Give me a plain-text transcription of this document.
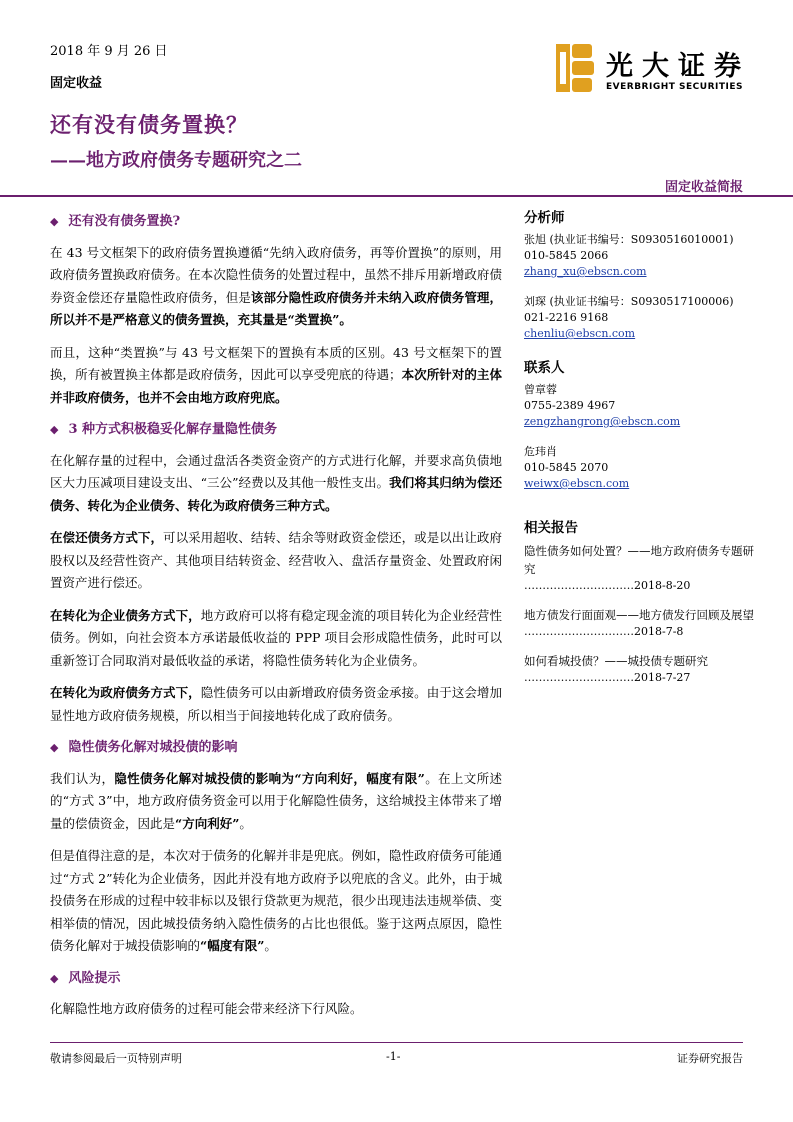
2018 年 9 月 26 日
固定收益
还有没有债务置换？
——地方政府债务专题研究之二
光大证券
EVERBRIGHT SECURITIES
固定收益简报
◆ 还有没有债务置换?

在 43 号文框架下的政府债务置换遵循“先纳入政府债务，再等价置换”的原则，用政府债务置换政府债务。在本次隐性债务的处置过程中，虽然不排斥用新增政府债券资金偿还存量隐性政府债务，但是该部分隐性政府债务并未纳入政府债务管理，所以并不是严格意义的债务置换，充其量是“类置换”。

而且，这种“类置换”与 43 号文框架下的置换有本质的区别。43 号文框架下的置换，所有被置换主体都是政府债务，因此可以享受兜底的待遇；本次所针对的主体并非政府债务，也并不会由地方政府兜底。

◆ 3 种方式积极稳妥化解存量隐性债务

在化解存量的过程中，会通过盘活各类资金资产的方式进行化解，并要求高负债地区大力压减项目建设支出、“三公”经费以及其他一般性支出。我们将其归纳为偿还债务、转化为企业债务、转化为政府债务三种方式。

在偿还债务方式下，可以采用超收、结转、结余等财政资金偿还，或是以出让政府股权以及经营性资产、其他项目结转资金、经营收入、盘活存量资金、处置政府闲置资产进行偿还。

在转化为企业债务方式下，地方政府可以将有稳定现金流的项目转化为企业经营性债务。例如，向社会资本方承诺最低收益的 PPP 项目会形成隐性债务，此时可以重新签订合同取消对最低收益的承诺，将隐性债务转化为企业债务。

在转化为政府债务方式下，隐性债务可以由新增政府债务资金承接。由于这会增加显性地方政府债务规模，所以相当于间接地转化成了政府债务。

◆ 隐性债务化解对城投债的影响

我们认为，隐性债务化解对城投债的影响为“方向利好，幅度有限”。在上文所述的“方式 3”中，地方政府债务资金可以用于化解隐性债务，这给城投主体带来了增量的偿债资金，因此是“方向利好”。

但是值得注意的是，本次对于债务的化解并非是兜底。例如，隐性政府债务可能通过“方式 2”转化为企业债务，因此并没有地方政府予以兜底的含义。此外，由于城投债务在形成的过程中较非标以及银行贷款更为规范，很少出现违法违规举债、变相举债的情况，因此城投债务纳入隐性债务的占比也很低。鉴于这两点原因，隐性债务化解对于城投债影响的“幅度有限”。

◆ 风险提示

化解隐性地方政府债务的过程可能会带来经济下行风险。

分析师
张旭 (执业证书编号：S0930516010001)
010-5845 2066
zhang_xu@ebscn.com
刘琛 (执业证书编号：S0930517100006)
021-2216 9168
chenliu@ebscn.com
联系人
曾章蓉
0755-2389 4967
zengzhangrong@ebscn.com
危玮肖
010-5845 2070
weiwx@ebscn.com
相关报告
隐性债务如何处置？——地方政府债务专题研究
…………………………2018-8-20
地方债发行面面观——地方债发行回顾及展望
…………………………2018-7-8
如何看城投债？——城投债专题研究
…………………………2018-7-27
敬请参阅最后一页特别声明	-1-	证券研究报告
